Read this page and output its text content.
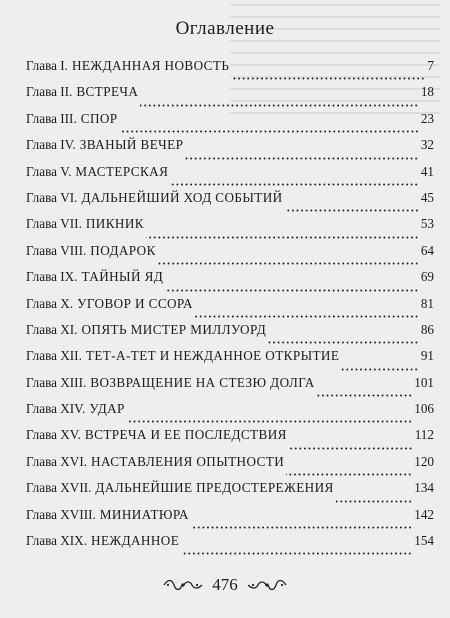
Оглавление
Глава I. НЕЖДАННАЯ НОВОСТЬ	7
Глава II. ВСТРЕЧА	18
Глава III. СПОР	23
Глава IV. ЗВАНЫЙ ВЕЧЕР	32
Глава V. МАСТЕРСКАЯ	41
Глава VI. ДАЛЬНЕЙШИЙ ХОД СОБЫТИЙ	45
Глава VII. ПИКНИК	53
Глава VIII. ПОДАРОК	64
Глава IX. ТАЙНЫЙ ЯД	69
Глава X. УГОВОР И ССОРА	81
Глава XI. ОПЯТЬ МИСТЕР МИЛЛУОРД	86
Глава XII. ТЕТ-А-ТЕТ И НЕЖДАННОЕ ОТКРЫТИЕ	91
Глава XIII. ВОЗВРАЩЕНИЕ НА СТЕЗЮ ДОЛГА	101
Глава XIV. УДАР	106
Глава XV. ВСТРЕЧА И ЕЕ ПОСЛЕДСТВИЯ	112
Глава XVI. НАСТАВЛЕНИЯ ОПЫТНОСТИ	120
Глава XVII. ДАЛЬНЕЙШИЕ ПРЕДОСТЕРЕЖЕНИЯ	134
Глава XVIII. МИНИАТЮРА	142
Глава XIX. НЕЖДАННОЕ	154
476
